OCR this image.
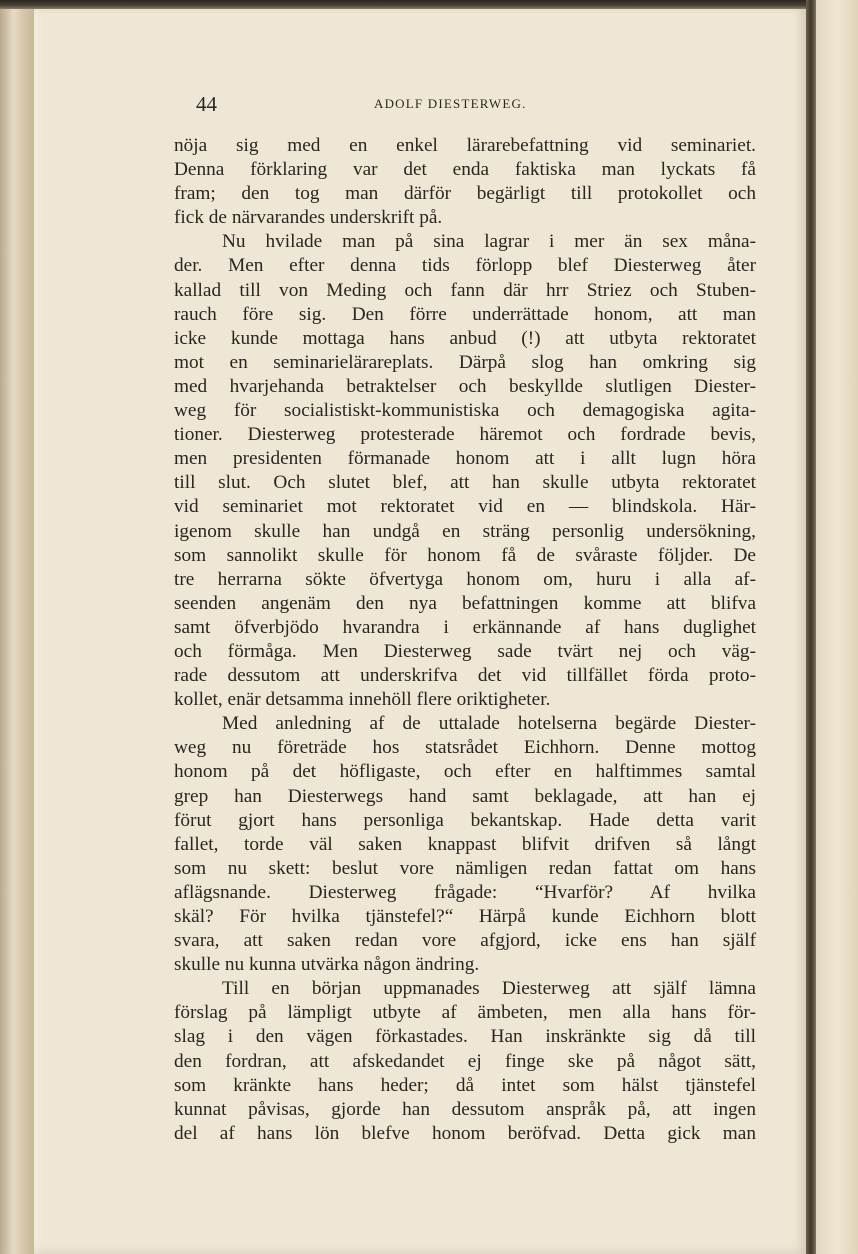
44	ADOLF DIESTERWEG.
nöja sig med en enkel lärarebefattning vid seminariet.
Denna förklaring var det enda faktiska man lyckats få
fram; den tog man därför begärligt till protokollet och
fick de närvarandes underskrift på.
Nu hvilade man på sina lagrar i mer än sex måna-
der. Men efter denna tids förlopp blef Diesterweg åter
kallad till von Meding och fann där hrr Striez och Stuben-
rauch före sig. Den förre underrättade honom, att man
icke kunde mottaga hans anbud (!) att utbyta rektoratet
mot en seminarielärareplats. Därpå slog han omkring sig
med hvarjehanda betraktelser och beskyllde slutligen Diester-
weg för socialistiskt-kommunistiska och demagogiska agita-
tioner. Diesterweg protesterade häremot och fordrade bevis,
men presidenten förmanade honom att i allt lugn höra
till slut. Och slutet blef, att han skulle utbyta rektoratet
vid seminariet mot rektoratet vid en — blindskola. Här-
igenom skulle han undgå en sträng personlig undersökning,
som sannolikt skulle för honom få de svåraste följder. De
tre herrarna sökte öfvertyga honom om, huru i alla af-
seenden angenäm den nya befattningen komme att blifva
samt öfverbjödo hvarandra i erkännande af hans duglighet
och förmåga. Men Diesterweg sade tvärt nej och väg-
rade dessutom att underskrifva det vid tillfället förda proto-
kollet, enär detsamma innehöll flere oriktigheter.
Med anledning af de uttalade hotelserna begärde Diester-
weg nu företräde hos statsrådet Eichhorn. Denne mottog
honom på det höfligaste, och efter en halftimmes samtal
grep han Diesterwegs hand samt beklagade, att han ej
förut gjort hans personliga bekantskap. Hade detta varit
fallet, torde väl saken knappast blifvit drifven så långt
som nu skett: beslut vore nämligen redan fattat om hans
aflägsnande. Diesterweg frågade: “Hvarför? Af hvilka
skäl? För hvilka tjänstefel?“ Härpå kunde Eichhorn blott
svara, att saken redan vore afgjord, icke ens han själf
skulle nu kunna utvärka någon ändring.
Till en början uppmanades Diesterweg att själf lämna
förslag på lämpligt utbyte af ämbeten, men alla hans för-
slag i den vägen förkastades. Han inskränkte sig då till
den fordran, att afskedandet ej finge ske på något sätt,
som kränkte hans heder; då intet som hälst tjänstefel
kunnat påvisas, gjorde han dessutom anspråk på, att ingen
del af hans lön blefve honom beröfvad. Detta gick man
